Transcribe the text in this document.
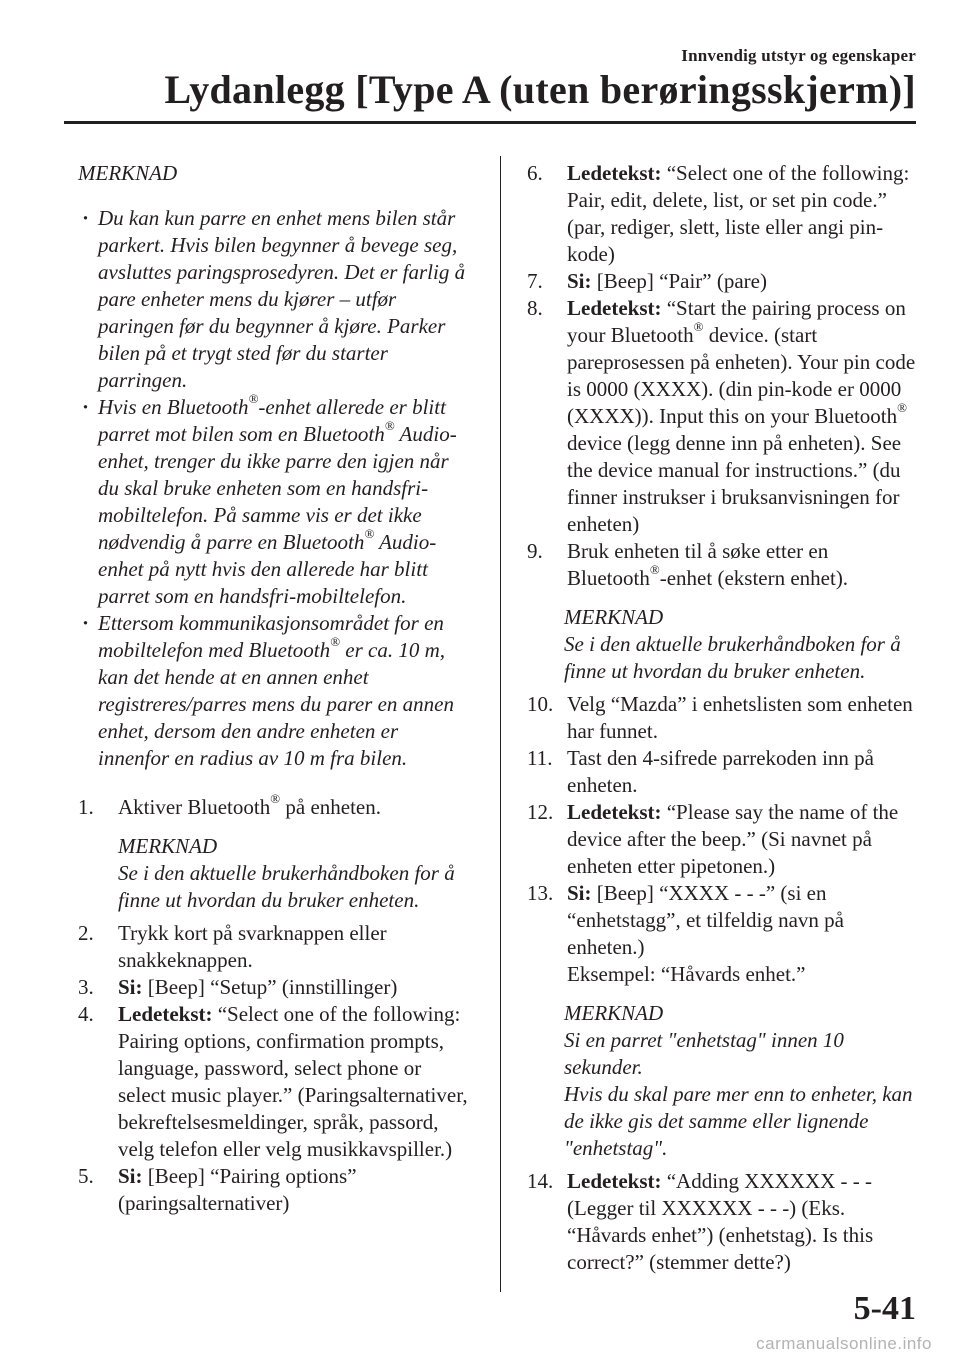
Innvendig utstyr og egenskaper
Lydanlegg [Type A (uten berøringsskjerm)]
MERKNAD
· Du kan kun parre en enhet mens bilen står parkert. Hvis bilen begynner å bevege seg, avsluttes paringsprosedyren. Det er farlig å pare enheter mens du kjører – utfør paringen før du begynner å kjøre. Parker bilen på et trygt sted før du starter parringen.
· Hvis en Bluetooth®-enhet allerede er blitt parret mot bilen som en Bluetooth® Audio-enhet, trenger du ikke parre den igjen når du skal bruke enheten som en handsfri-mobiltelefon. På samme vis er det ikke nødvendig å parre en Bluetooth® Audio-enhet på nytt hvis den allerede har blitt parret som en handsfri-mobiltelefon.
· Ettersom kommunikasjonsområdet for en mobiltelefon med Bluetooth® er ca. 10 m, kan det hende at en annen enhet registreres/parres mens du parer en annen enhet, dersom den andre enheten er innenfor en radius av 10 m fra bilen.
1. Aktiver Bluetooth® på enheten.
MERKNAD
Se i den aktuelle brukerhåndboken for å finne ut hvordan du bruker enheten.
2. Trykk kort på svarknappen eller snakkeknappen.
3. Si: [Beep] “Setup” (innstillinger)
4. Ledetekst: “Select one of the following: Pairing options, confirmation prompts, language, password, select phone or select music player.” (Paringsalternativer, bekreftelsesmeldinger, språk, passord, velg telefon eller velg musikkavspiller.)
5. Si: [Beep] “Pairing options” (paringsalternativer)
6. Ledetekst: “Select one of the following: Pair, edit, delete, list, or set pin code.” (par, rediger, slett, liste eller angi pin-kode)
7. Si: [Beep] “Pair” (pare)
8. Ledetekst: “Start the pairing process on your Bluetooth® device. (start pareprosessen på enheten). Your pin code is 0000 (XXXX). (din pin-kode er 0000 (XXXX)). Input this on your Bluetooth® device (legg denne inn på enheten). See the device manual for instructions.” (du finner instrukser i bruksanvisningen for enheten)
9. Bruk enheten til å søke etter en Bluetooth®-enhet (ekstern enhet).
MERKNAD
Se i den aktuelle brukerhåndboken for å finne ut hvordan du bruker enheten.
10. Velg “Mazda” i enhetslisten som enheten har funnet.
11. Tast den 4-sifrede parrekoden inn på enheten.
12. Ledetekst: “Please say the name of the device after the beep.” (Si navnet på enheten etter pipetonen.)
13. Si: [Beep] “XXXX - - -” (si en “enhetstagg”, et tilfeldig navn på enheten.)
Eksempel: “Håvards enhet.”
MERKNAD
Si en parret "enhetstag" innen 10 sekunder.
Hvis du skal pare mer enn to enheter, kan de ikke gis det samme eller lignende "enhetstag".
14. Ledetekst: “Adding XXXXXX - - - (Legger til XXXXXX - - -) (Eks. “Håvards enhet”) (enhetstag). Is this correct?” (stemmer dette?)
5-41
carmanualsonline.info
